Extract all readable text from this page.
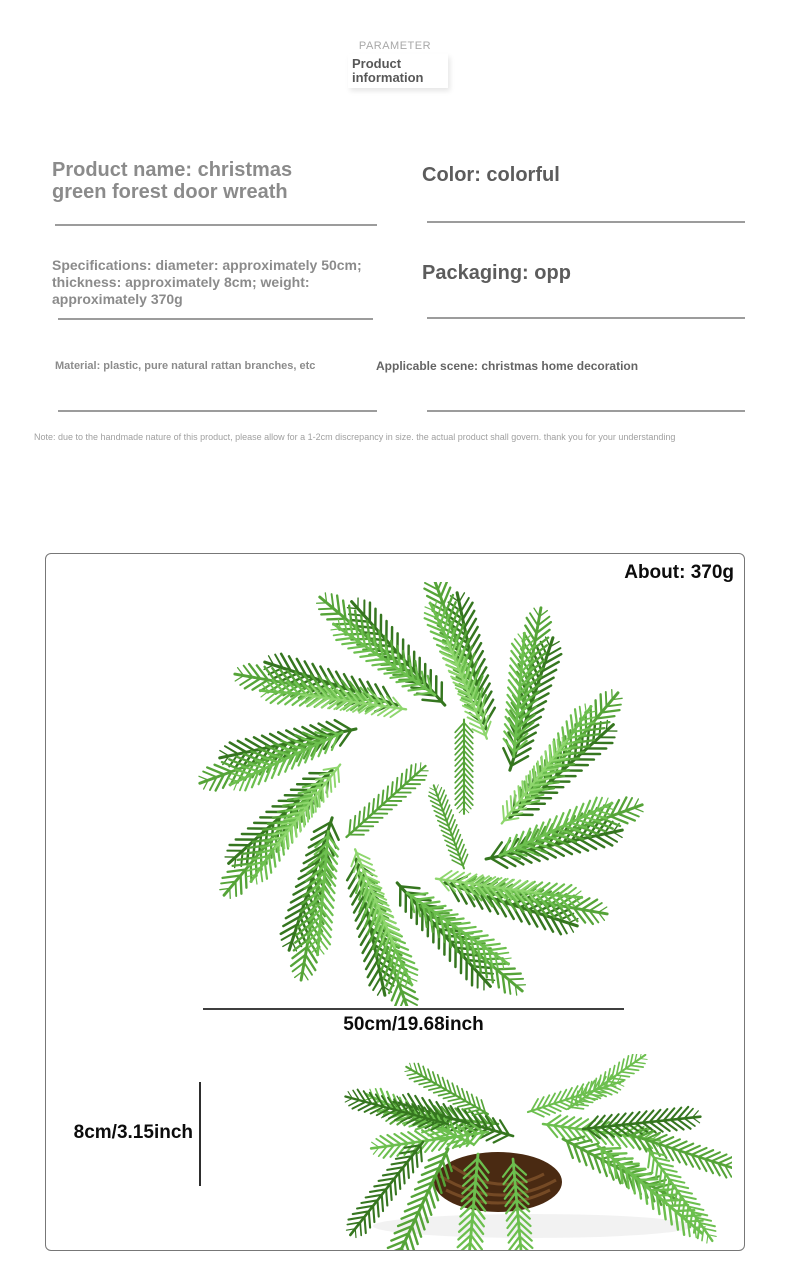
PARAMETER
Product information
Product name: christmas green forest door wreath
Color: colorful
Specifications: diameter: approximately 50cm; thickness: approximately 8cm; weight: approximately 370g
Packaging: opp
Material: plastic, pure natural rattan branches, etc	Applicable scene: christmas home decoration
Note: due to the handmade nature of this product, please allow for a 1-2cm discrepancy in size. the actual product shall govern. thank you for your understanding
About: 370g
50cm/19.68inch
8cm/3.15inch
